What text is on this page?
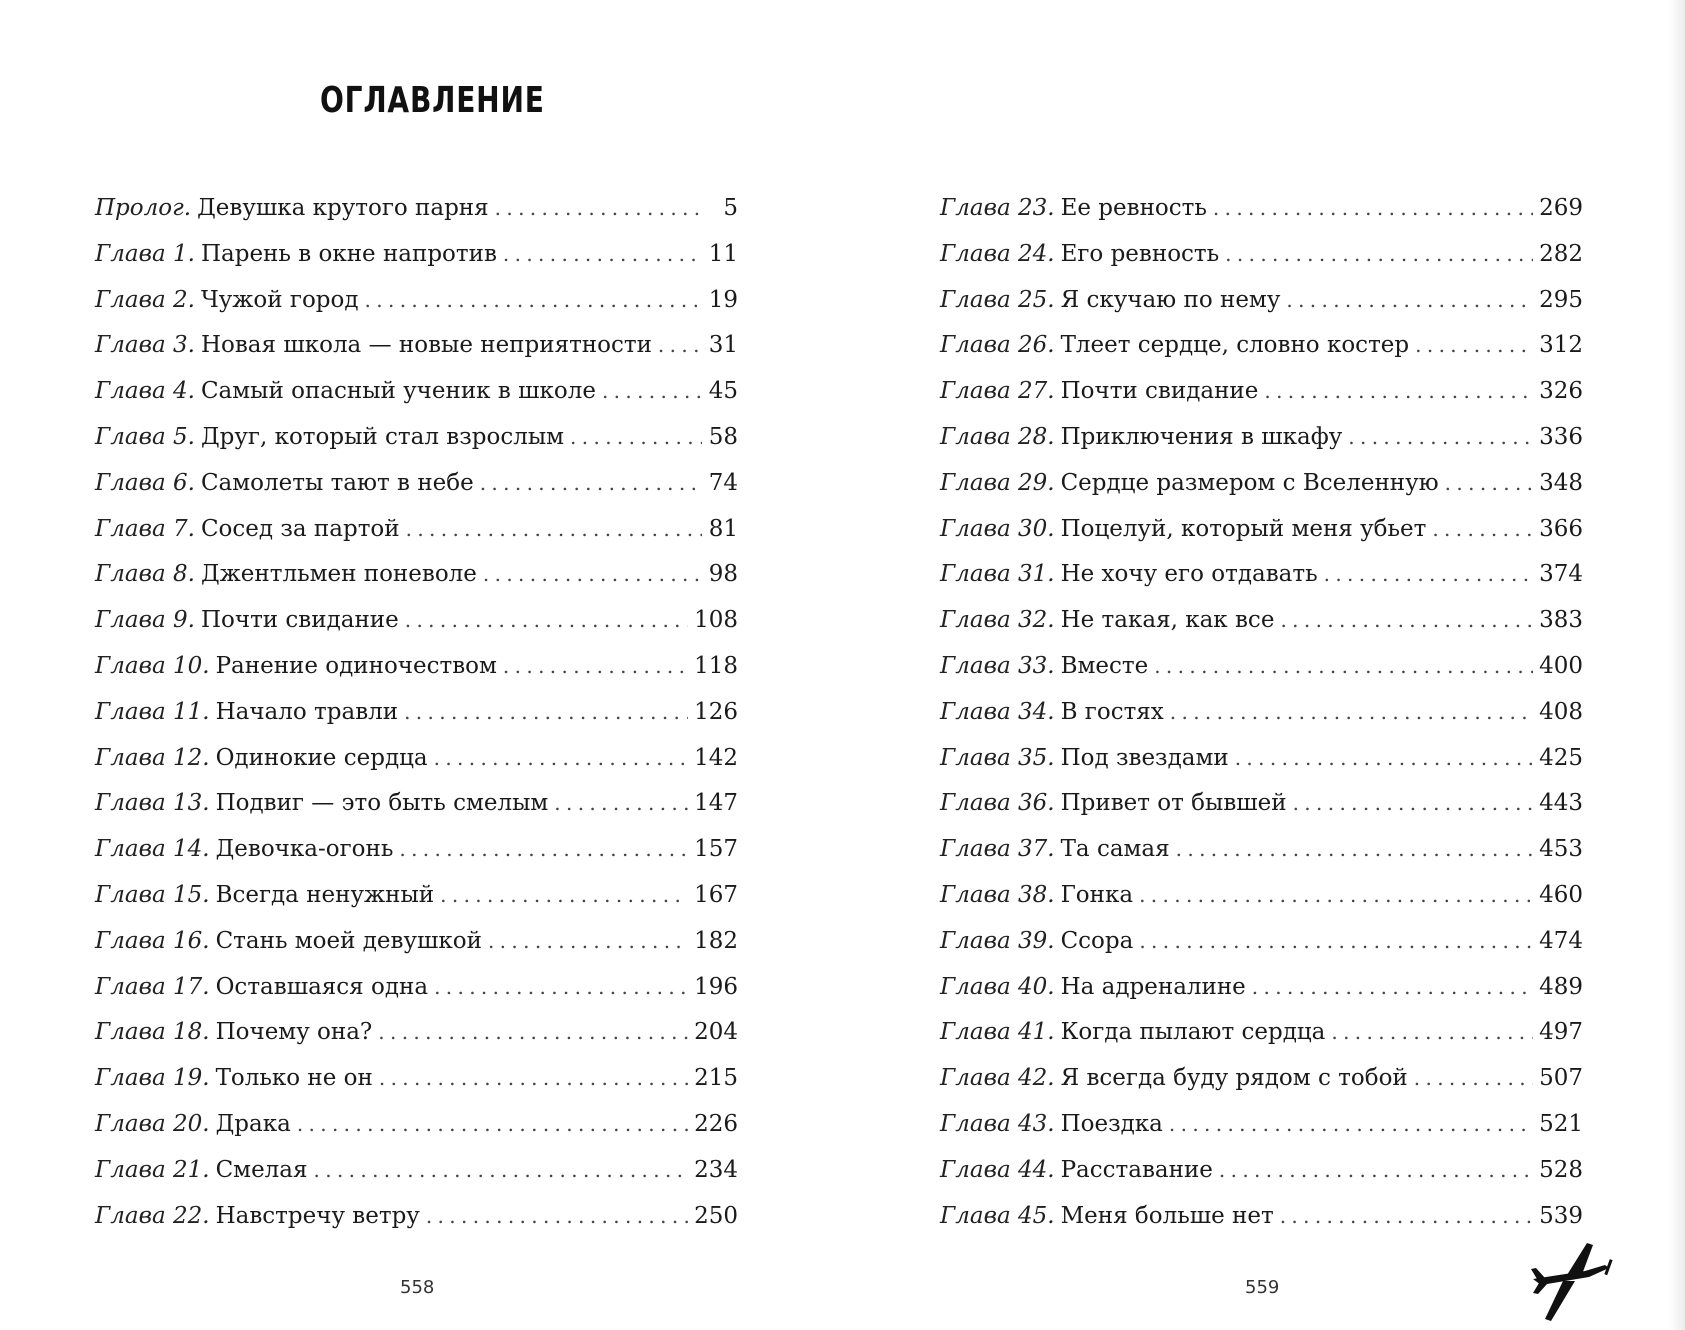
ОГЛАВЛЕНИЕ
Пролог. Девушка крутого парня . . .	5
Глава 1. Парень в окне напротив . . .	11
Глава 2. Чужой город . . .	19
Глава 3. Новая школа — новые неприятности . . . 31
Глава 4. Самый опасный ученик в школе . . .	45
Глава 5. Друг, который стал взрослым . . .	58
Глава 6. Самолеты тают в небе . . .	74
Глава 7. Сосед за партой . . .	81
Глава 8. Джентльмен поневоле . . .	98
Глава 9. Почти свидание . . .	108
Глава 10. Ранение одиночеством . . .	118
Глава 11. Начало травли . . .	126
Глава 12. Одинокие сердца . . .	142
Глава 13. Подвиг — это быть смелым . . .	147
Глава 14. Девочка-огонь . . .	157
Глава 15. Всегда ненужный . . .	167
Глава 16. Стань моей девушкой . . .	182
Глава 17. Оставшаяся одна . . .	196
Глава 18. Почему она? . . .	204
Глава 19. Только не он . . .	215
Глава 20. Драка . . .	226
Глава 21. Смелая . . .	234
Глава 22. Навстречу ветру . . .	250
Глава 23. Ее ревность . . .	269
Глава 24. Его ревность . . .	282
Глава 25. Я скучаю по нему . . .	295
Глава 26. Тлеет сердце, словно костер . . .	312
Глава 27. Почти свидание . . .	326
Глава 28. Приключения в шкафу . . .	336
Глава 29. Сердце размером с Вселенную . . .	348
Глава 30. Поцелуй, который меня убьет . . .	366
Глава 31. Не хочу его отдавать . . .	374
Глава 32. Не такая, как все . . .	383
Глава 33. Вместе . . .	400
Глава 34. В гостях . . .	408
Глава 35. Под звездами . . .	425
Глава 36. Привет от бывшей . . .	443
Глава 37. Та самая . . .	453
Глава 38. Гонка . . .	460
Глава 39. Ссора . . .	474
Глава 40. На адреналине . . .	489
Глава 41. Когда пылают сердца . . .	497
Глава 42. Я всегда буду рядом с тобой . . .	507
Глава 43. Поездка . . .	521
Глава 44. Расставание . . .	528
Глава 45. Меня больше нет . . .	539
558	559
